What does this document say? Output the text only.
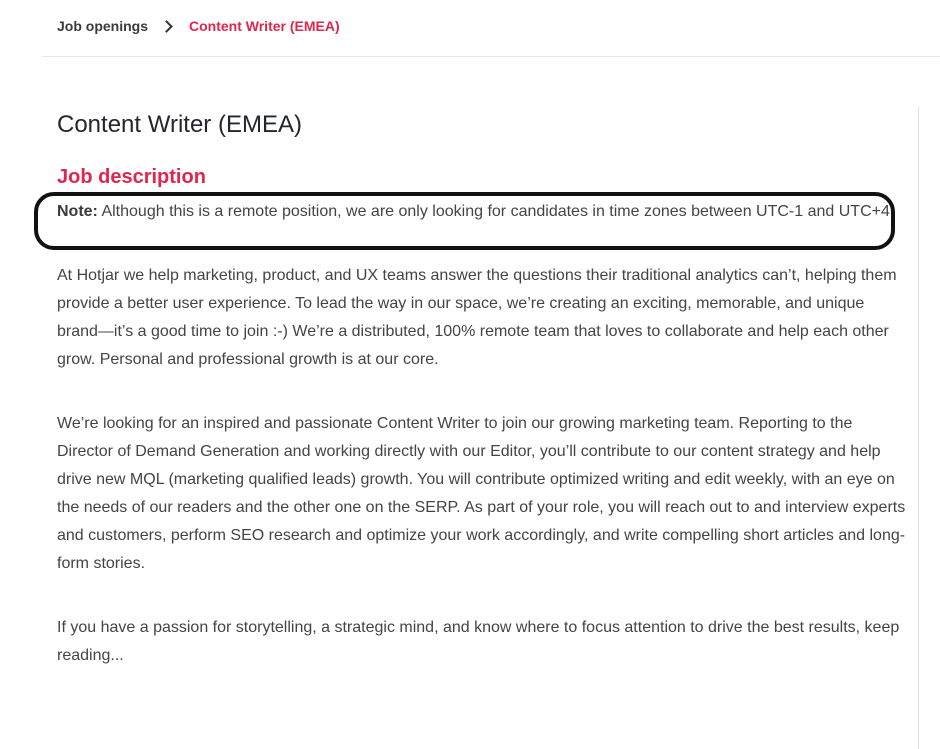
Job openings	Content Writer (EMEA)
Content Writer (EMEA)
Job description
Note: Although this is a remote position, we are only looking for candidates in time zones between UTC-1 and UTC+4.

At Hotjar we help marketing, product, and UX teams answer the questions their traditional analytics can’t, helping them provide a better user experience. To lead the way in our space, we’re creating an exciting, memorable, and unique brand—it’s a good time to join :-) We’re a distributed, 100% remote team that loves to collaborate and help each other grow. Personal and professional growth is at our core.

We’re looking for an inspired and passionate Content Writer to join our growing marketing team. Reporting to the Director of Demand Generation and working directly with our Editor, you’ll contribute to our content strategy and help drive new MQL (marketing qualified leads) growth. You will contribute optimized writing and edit weekly, with an eye on the needs of our readers and the other one on the SERP. As part of your role, you will reach out to and interview experts and customers, perform SEO research and optimize your work accordingly, and write compelling short articles and long-form stories.

If you have a passion for storytelling, a strategic mind, and know where to focus attention to drive the best results, keep reading...
